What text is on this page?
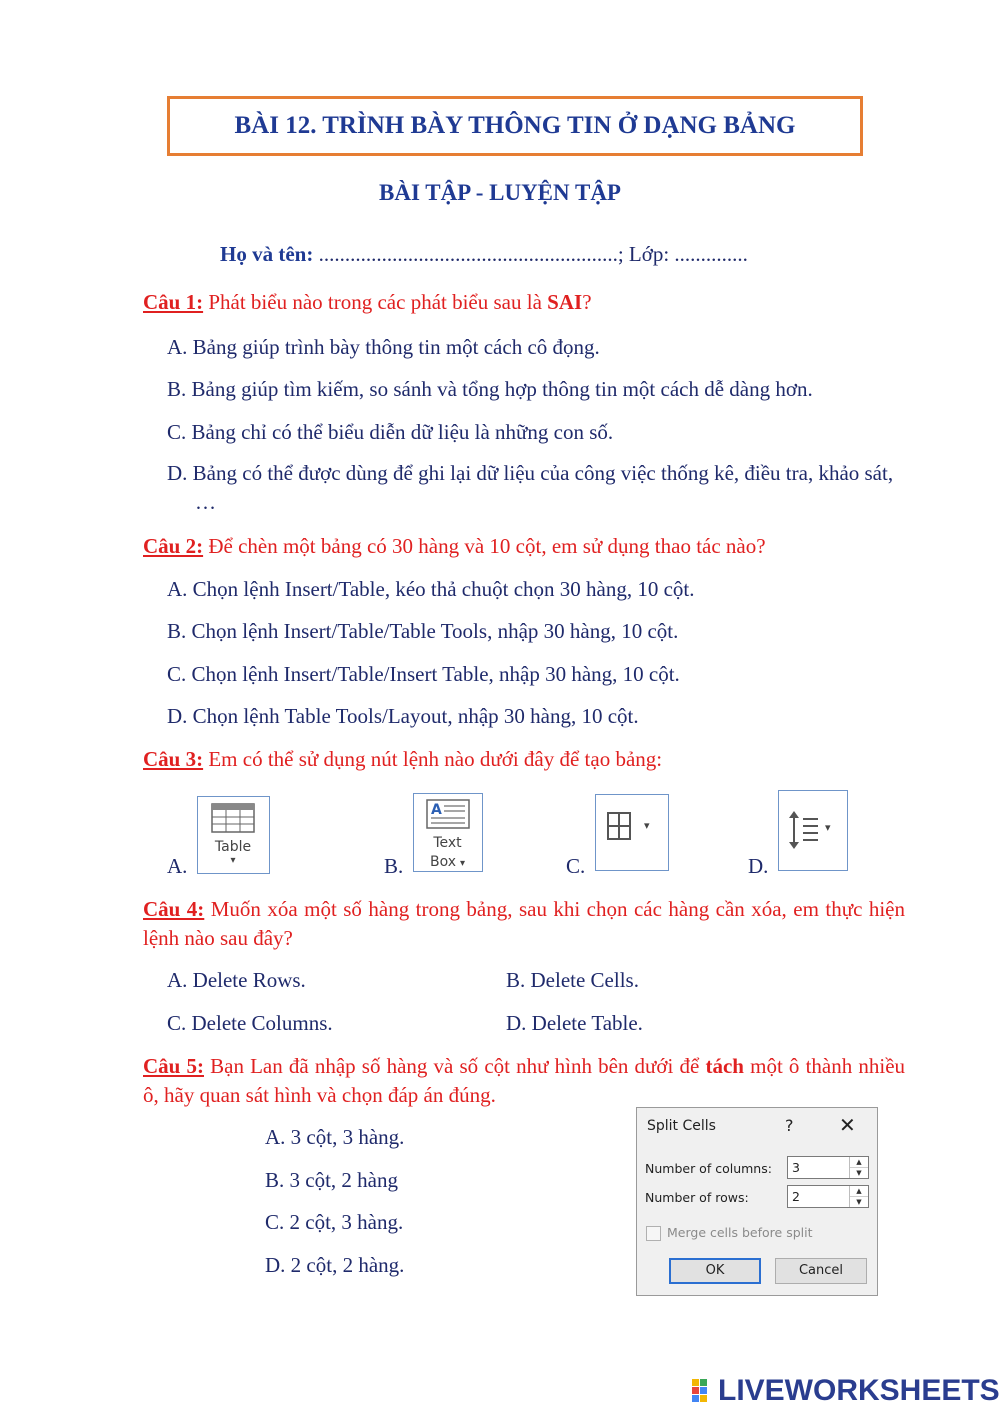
BÀI 12. TRÌNH BÀY THÔNG TIN Ở DẠNG BẢNG
BÀI TẬP - LUYỆN TẬP
Họ và tên: .........................................................; Lớp: ..............
Câu 1: Phát biểu nào trong các phát biểu sau là SAI?
A. Bảng giúp trình bày thông tin một cách cô đọng.
B. Bảng giúp tìm kiếm, so sánh và tổng hợp thông tin một cách dễ dàng hơn.
C. Bảng chỉ có thể biểu diễn dữ liệu là những con số.
D. Bảng có thể được dùng để ghi lại dữ liệu của công việc thống kê, điều tra, khảo sát, …
Câu 2: Để chèn một bảng có 30 hàng và 10 cột, em sử dụng thao tác nào?
A. Chọn lệnh Insert/Table, kéo thả chuột chọn 30 hàng, 10 cột.
B. Chọn lệnh Insert/Table/Table Tools, nhập 30 hàng, 10 cột.
C. Chọn lệnh Insert/Table/Insert Table, nhập 30 hàng, 10 cột.
D. Chọn lệnh Table Tools/Layout, nhập 30 hàng, 10 cột.
Câu 3: Em có thể sử dụng nút lệnh nào dưới đây để tạo bảng:
A.
Table
▾	B.
A
Text
Box ▾	C.
▾
D.
▾
Câu 4: Muốn xóa một số hàng trong bảng, sau khi chọn các hàng cần xóa, em thực hiện lệnh nào sau đây?
A. Delete Rows.	B. Delete Cells.
C. Delete Columns.	D. Delete Table.
Câu 5: Bạn Lan đã nhập số hàng và số cột như hình bên dưới để tách một ô thành nhiều ô, hãy quan sát hình và chọn đáp án đúng.
A. 3 cột, 3 hàng.
B. 3 cột, 2 hàng
C. 2 cột, 3 hàng.
D. 2 cột, 2 hàng.
Split Cells	? ✕
Number of columns: 3	▲
▼
Number of rows:	2	▲
▼
Merge cells before split
OK	Cancel
LIVEWORKSHEETS
